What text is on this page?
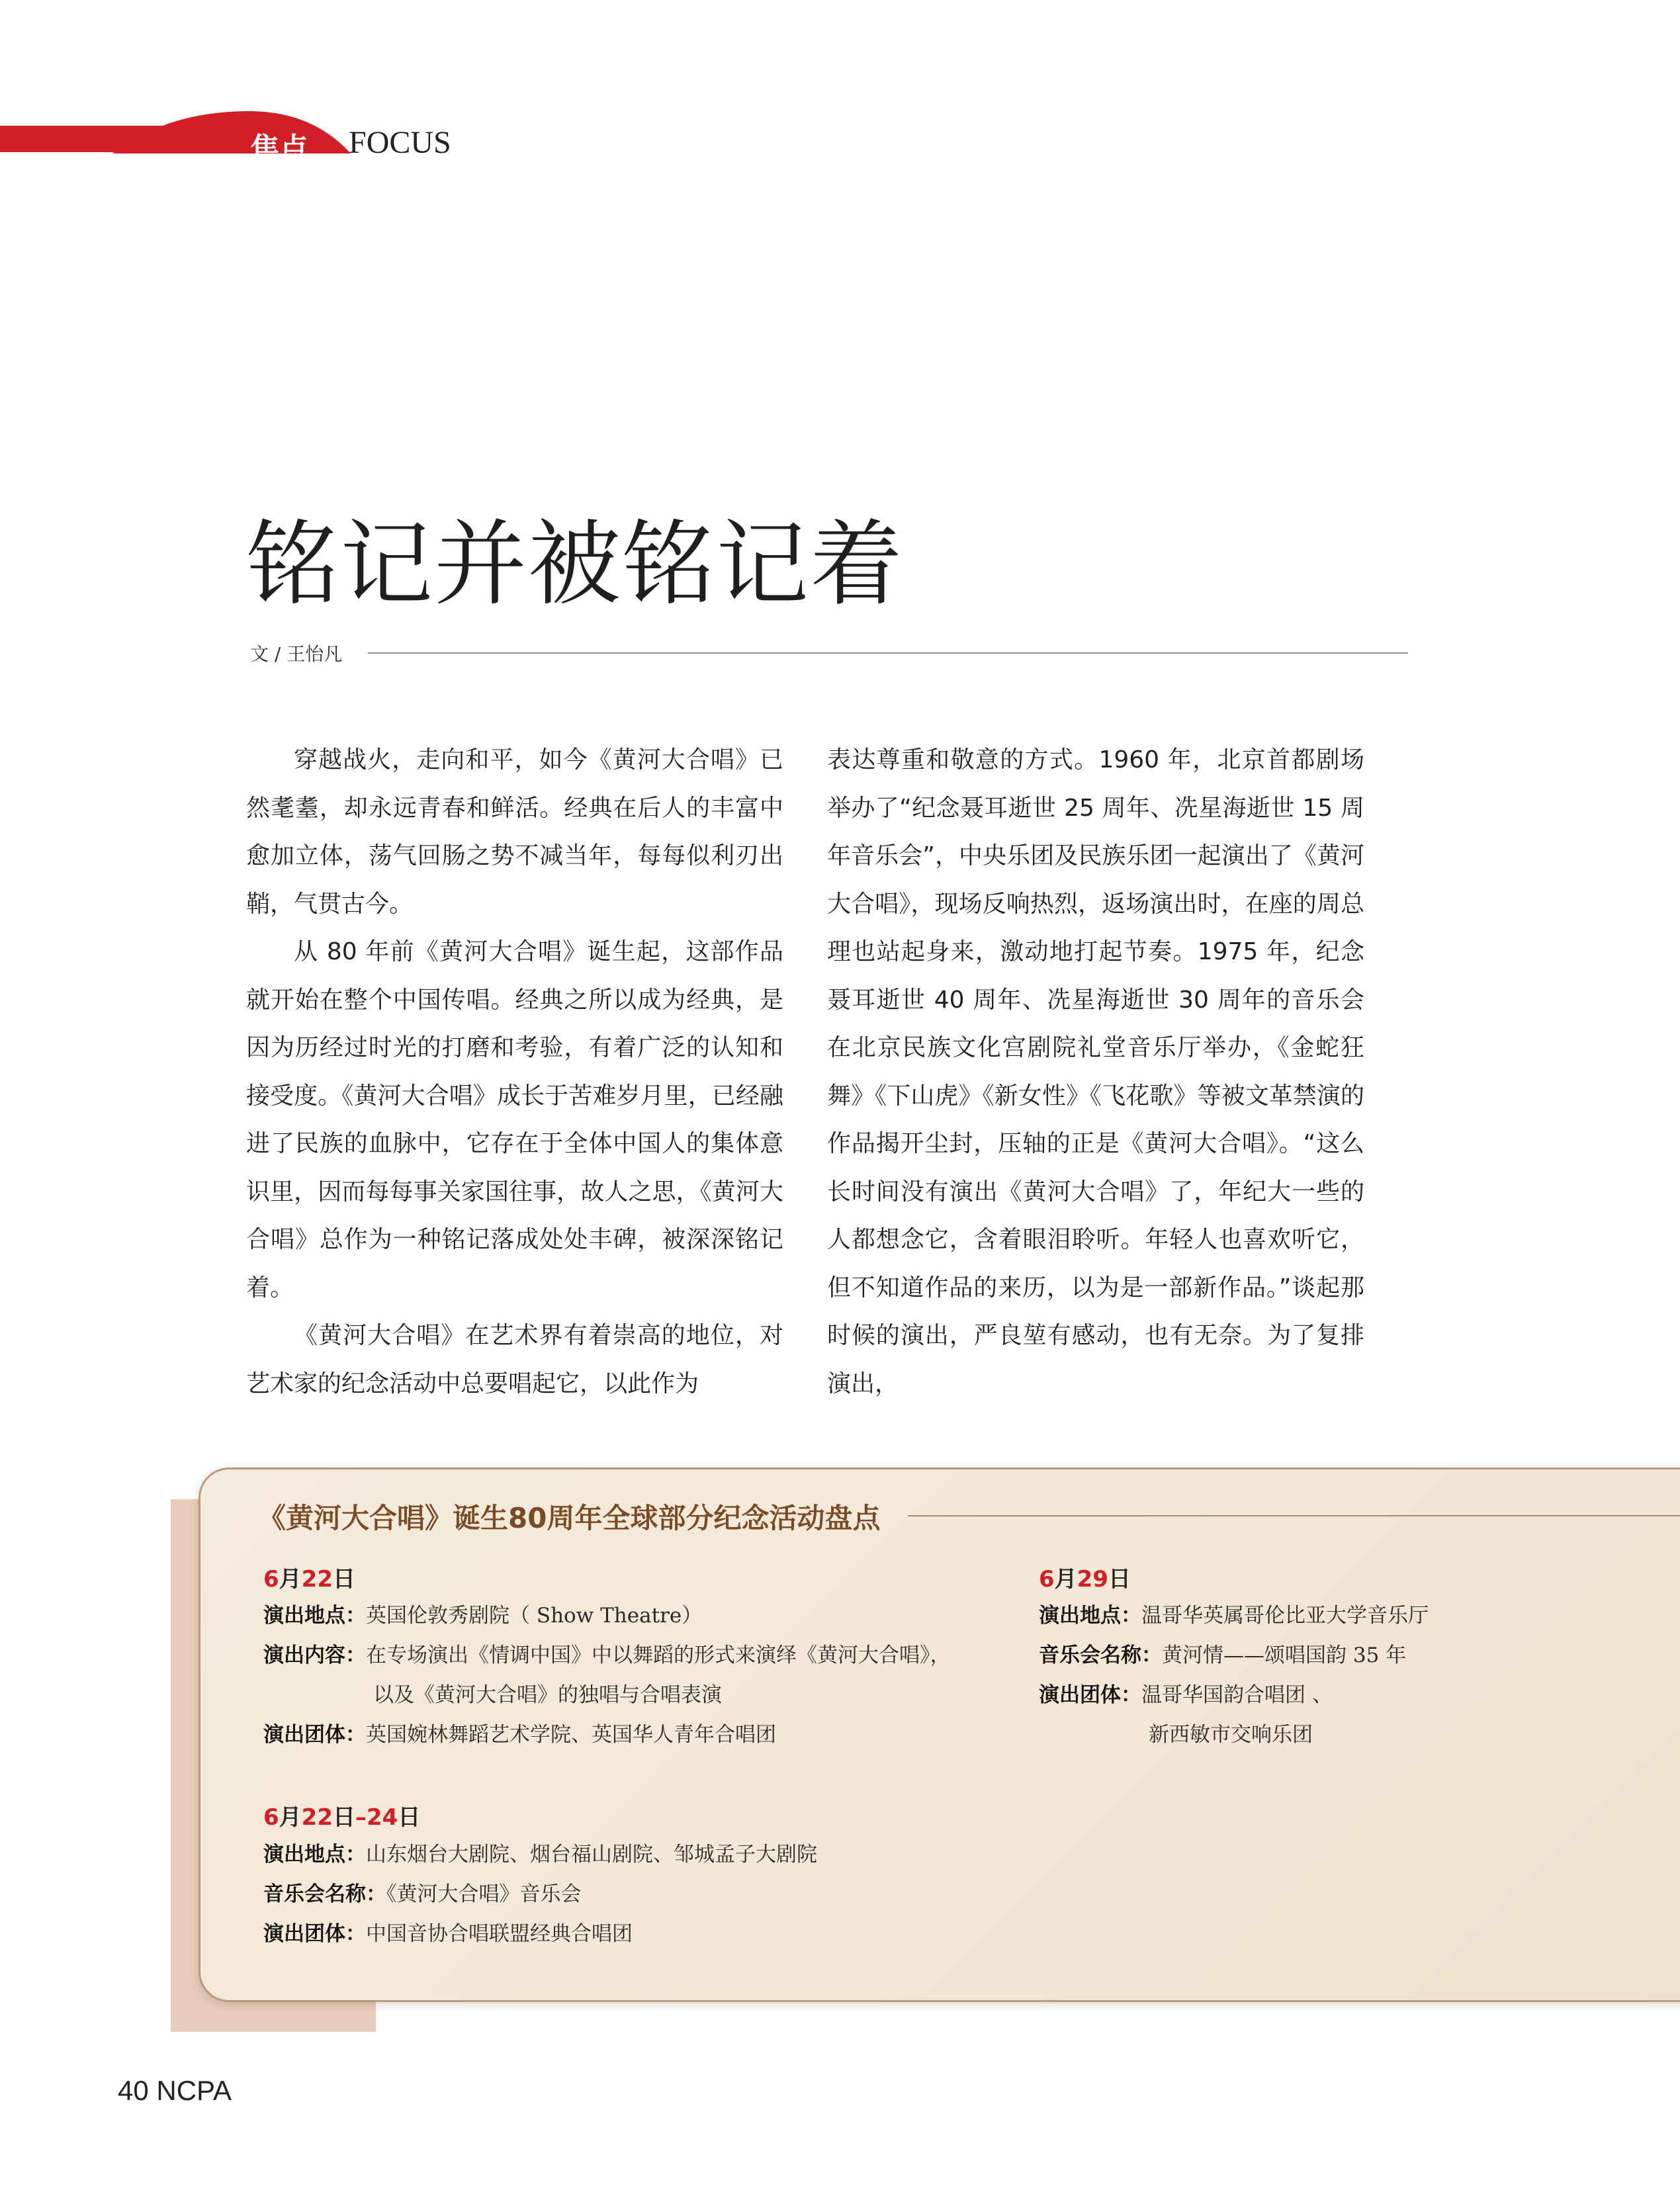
焦点 FOCUS
铭记并被铭记着
文 / 王怡凡

穿越战火，走向和平，如今《黄河大合唱》已然耄耋，却永远青春和鲜活。经典在后人的丰富中愈加立体，荡气回肠之势不减当年，每每似利刃出鞘，气贯古今。

从 80 年前《黄河大合唱》诞生起，这部作品就开始在整个中国传唱。经典之所以成为经典，是因为历经过时光的打磨和考验，有着广泛的认知和接受度。《黄河大合唱》成长于苦难岁月里，已经融进了民族的血脉中，它存在于全体中国人的集体意识里，因而每每事关家国往事，故人之思，《黄河大合唱》总作为一种铭记落成处处丰碑，被深深铭记着。

《黄河大合唱》在艺术界有着崇高的地位，对艺术家的纪念活动中总要唱起它，以此作为

表达尊重和敬意的方式。1960 年，北京首都剧场举办了“纪念聂耳逝世 25 周年、冼星海逝世 15 周年音乐会”，中央乐团及民族乐团一起演出了《黄河大合唱》，现场反响热烈，返场演出时，在座的周总理也站起身来，激动地打起节奏。1975 年，纪念聂耳逝世 40 周年、冼星海逝世 30 周年的音乐会在北京民族文化宫剧院礼堂音乐厅举办，《金蛇狂舞》《下山虎》《新女性》《飞花歌》等被文革禁演的作品揭开尘封，压轴的正是《黄河大合唱》。“这么长时间没有演出《黄河大合唱》了，年纪大一些的人都想念它，含着眼泪聆听。年轻人也喜欢听它，但不知道作品的来历，以为是一部新作品。”谈起那时候的演出，严良堃有感动，也有无奈。为了复排演出，

《黄河大合唱》诞生80周年全球部分纪念活动盘点
6月22日
演出地点：英国伦敦秀剧院（ Show Theatre）
演出内容：在专场演出《情调中国》中以舞蹈的形式来演绎《黄河大合唱》，
以及《黄河大合唱》的独唱与合唱表演
演出团体：英国婉林舞蹈艺术学院、英国华人青年合唱团
6月22日–24日
演出地点：山东烟台大剧院、烟台福山剧院、邹城孟子大剧院
音乐会名称：《黄河大合唱》音乐会
演出团体：中国音协合唱联盟经典合唱团
6月29日
演出地点：温哥华英属哥伦比亚大学音乐厅
音乐会名称：黄河情——颂唱国韵 35 年
演出团体：温哥华国韵合唱团 、
新西敏市交响乐团
40 NCPA
